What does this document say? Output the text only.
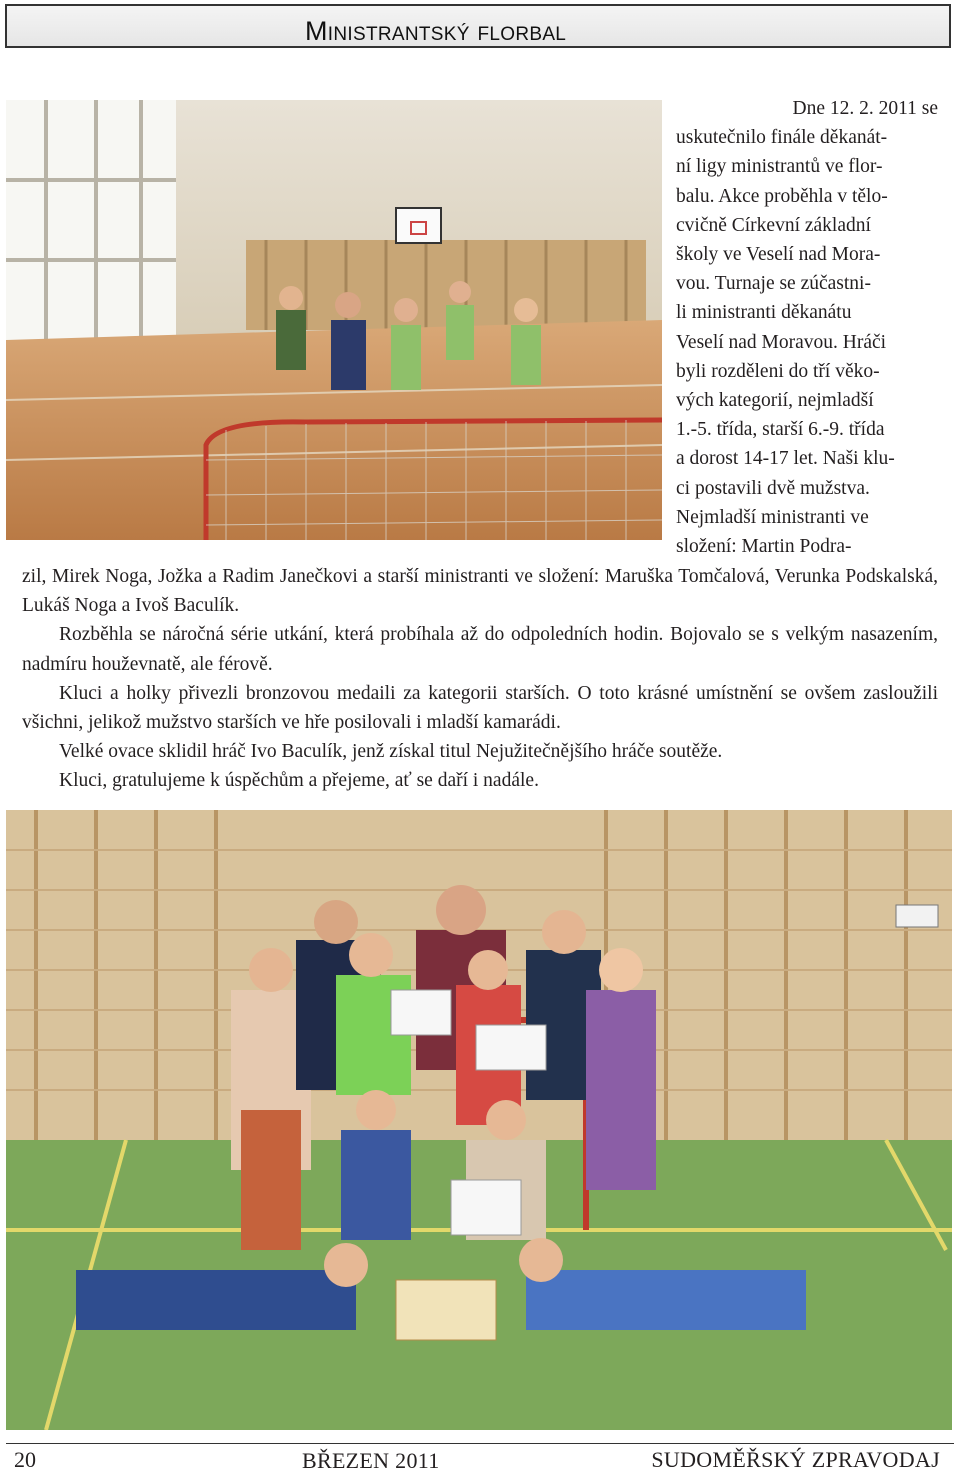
Ministrantský florbal
Dne 12. 2. 2011 se
uskutečnilo finále děkanát-
ní ligy ministrantů ve flor-
balu. Akce proběhla v tělo-
cvičně Církevní základní
školy ve Veselí nad Mora-
vou. Turnaje se zúčastni-
li ministranti děkanátu
Veselí nad Moravou. Hráči
byli rozděleni do tří věko-
vých kategorií, nejmladší
1.-5. třída, starší 6.-9. třída
a dorost 14-17 let. Naši klu-
ci postavili dvě mužstva.
Nejmladší ministranti ve
složení: Martin Podra-

zil, Mirek Noga, Jožka a Radim Janečkovi a starší ministranti ve složení: Maruška Tomčalová, Verunka Podskalská, Lukáš Noga a Ivoš Baculík.

Rozběhla se náročná série utkání, která probíhala až do odpoledních hodin. Bojovalo se s velkým nasazením, nadmíru houževnatě, ale férově.

Kluci a holky přivezli bronzovou medaili za kategorii starších. O toto krásné umístnění se ovšem zasloužili všichni, jelikož mužstvo starších ve hře posilovali i mladší kamarádi.

Velké ovace sklidil hráč Ivo Baculík, jenž získal titul Nejužitečnějšího hráče soutěže.

Kluci, gratulujeme k úspěchům a přejeme, ať se daří i nadále.

20	BŘEZEN 2011	SUDOMĚŘSKÝ ZPRAVODAJ
